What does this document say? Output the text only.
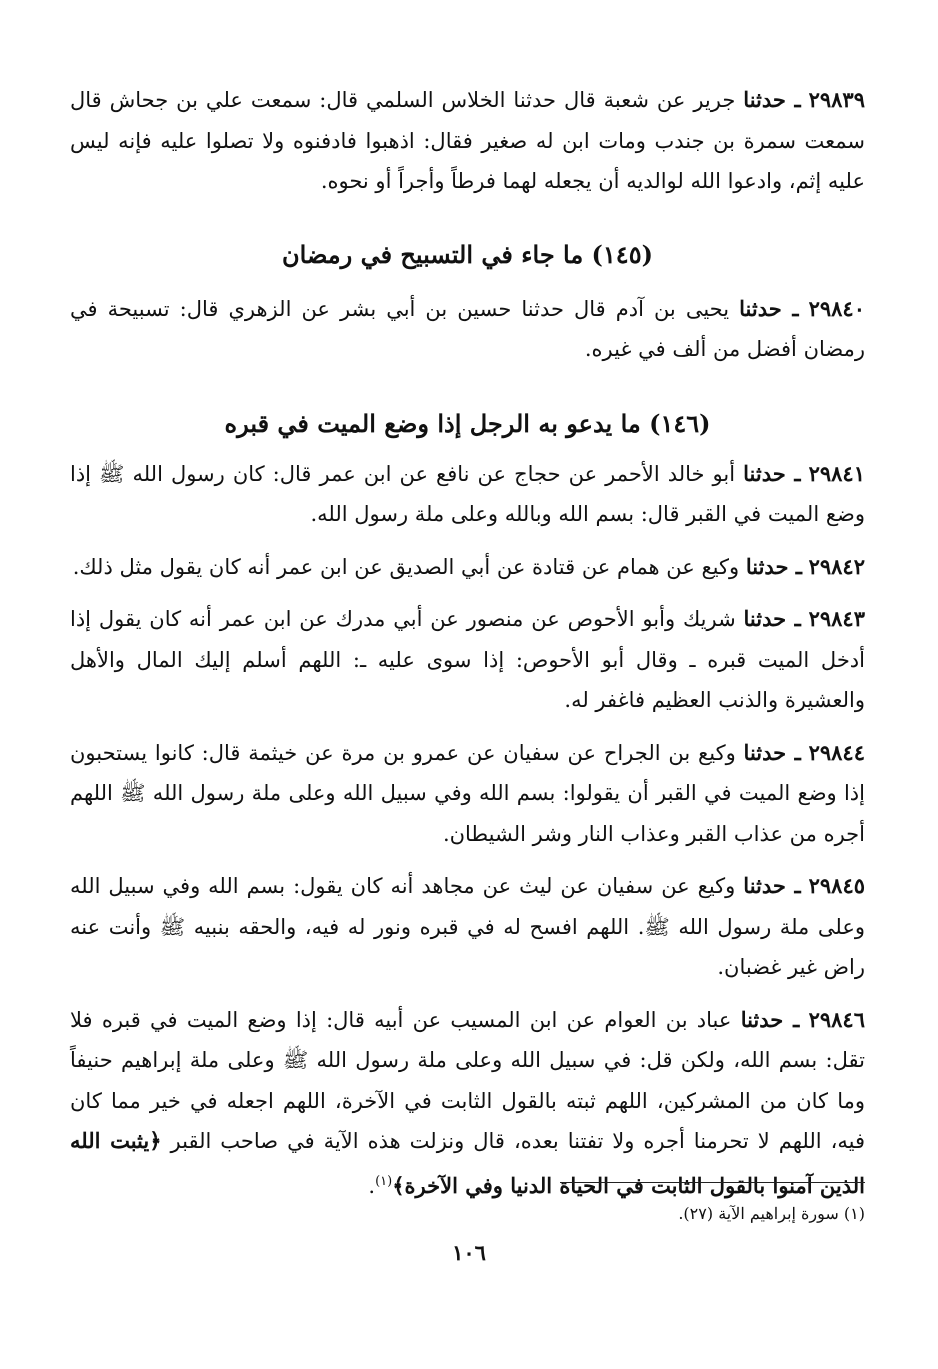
٢٩٨٣٩ ـ حدثنا جرير عن شعبة قال حدثنا الخلاس السلمي قال: سمعت علي بن جحاش قال سمعت سمرة بن جندب ومات ابن له صغير فقال: اذهبوا فادفنوه ولا تصلوا عليه فإنه ليس عليه إثم، وادعوا الله لوالديه أن يجعله لهما فرطاً وأجراً أو نحوه.

(١٤٥) ما جاء في التسبيح في رمضان

٢٩٨٤٠ ـ حدثنا يحيى بن آدم قال حدثنا حسين بن أبي بشر عن الزهري قال: تسبيحة في رمضان أفضل من ألف في غيره.

(١٤٦) ما يدعو به الرجل إذا وضع الميت في قبره

٢٩٨٤١ ـ حدثنا أبو خالد الأحمر عن حجاج عن نافع عن ابن عمر قال: كان رسول الله ﷺ إذا وضع الميت في القبر قال: بسم الله وبالله وعلى ملة رسول الله.

٢٩٨٤٢ ـ حدثنا وكيع عن همام عن قتادة عن أبي الصديق عن ابن عمر أنه كان يقول مثل ذلك.

٢٩٨٤٣ ـ حدثنا شريك وأبو الأحوص عن منصور عن أبي مدرك عن ابن عمر أنه كان يقول إذا أدخل الميت قبره ـ وقال أبو الأحوص: إذا سوى عليه ـ: اللهم أسلم إليك المال والأهل والعشيرة والذنب العظيم فاغفر له.

٢٩٨٤٤ ـ حدثنا وكيع بن الجراح عن سفيان عن عمرو بن مرة عن خيثمة قال: كانوا يستحبون إذا وضع الميت في القبر أن يقولوا: بسم الله وفي سبيل الله وعلى ملة رسول الله ﷺ اللهم أجره من عذاب القبر وعذاب النار وشر الشيطان.

٢٩٨٤٥ ـ حدثنا وكيع عن سفيان عن ليث عن مجاهد أنه كان يقول: بسم الله وفي سبيل الله وعلى ملة رسول الله ﷺ. اللهم افسح له في قبره ونور له فيه، والحقه بنبيه ﷺ وأنت عنه راض غير غضبان.

٢٩٨٤٦ ـ حدثنا عباد بن العوام عن ابن المسيب عن أبيه قال: إذا وضع الميت في قبره فلا تقل: بسم الله، ولكن قل: في سبيل الله وعلى ملة رسول الله ﷺ وعلى ملة إبراهيم حنيفاً وما كان من المشركين، اللهم ثبته بالقول الثابت في الآخرة، اللهم اجعله في خير مما كان فيه، اللهم لا تحرمنا أجره ولا تفتنا بعده، قال ونزلت هذه الآية في صاحب القبر ﴿يثبت الله الذين آمنوا بالقول الثابت في الحياة الدنيا وفي الآخرة﴾$^{(١)}$.

(١) سورة إبراهيم الآية (٢٧).
١٠٦
